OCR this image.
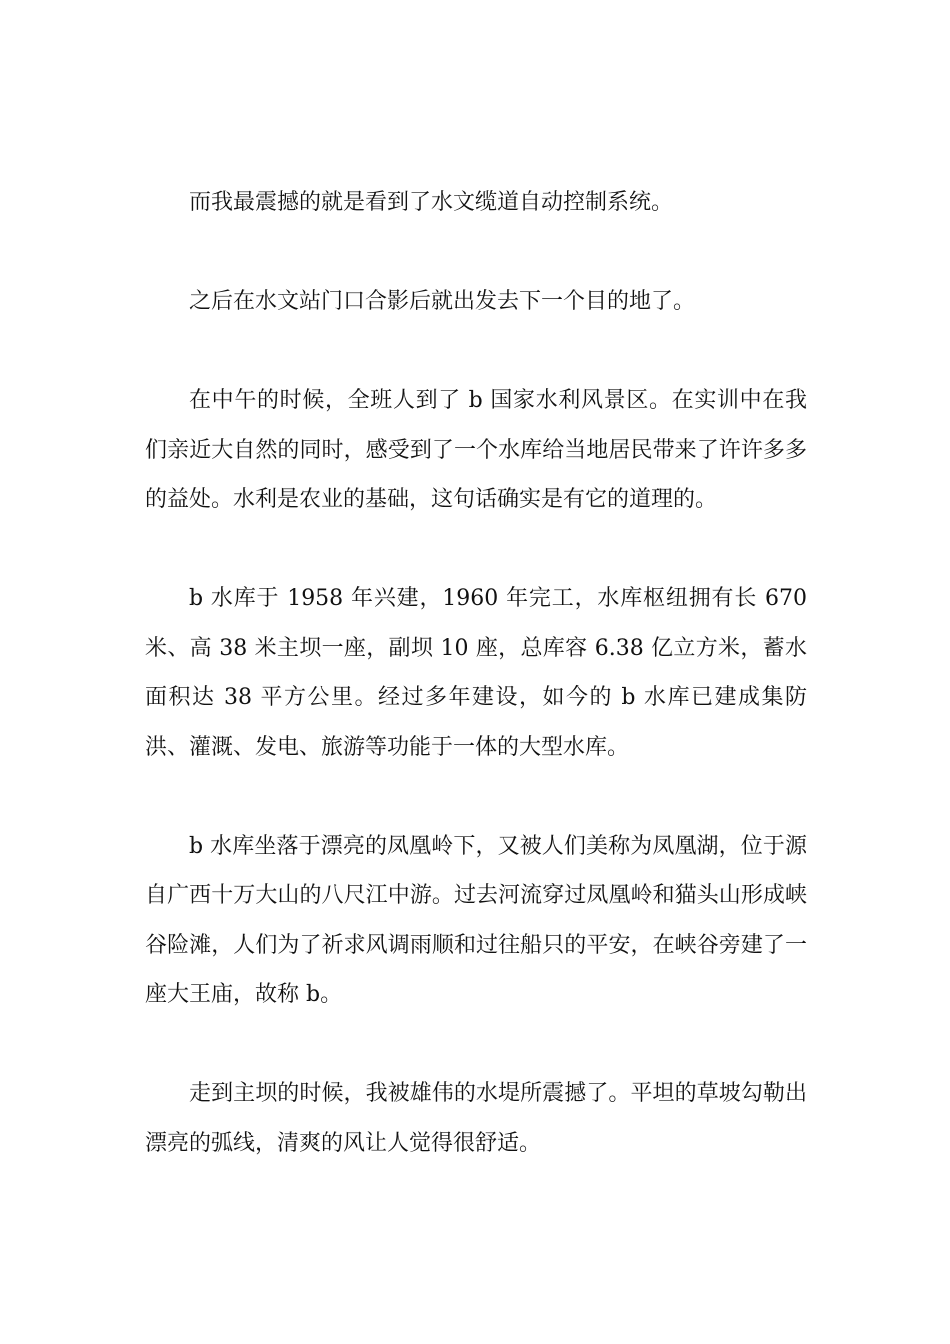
而我最震撼的就是看到了水文缆道自动控制系统。

之后在水文站门口合影后就出发去下一个目的地了。

在中午的时候，全班人到了 b 国家水利风景区。在实训中在我们亲近大自然的同时，感受到了一个水库给当地居民带来了许许多多的益处。水利是农业的基础，这句话确实是有它的道理的。

b 水库于 1958 年兴建，1960 年完工，水库枢纽拥有长 670 米、高 38 米主坝一座，副坝 10 座，总库容 6.38 亿立方米，蓄水面积达 38 平方公里。经过多年建设，如今的 b 水库已建成集防洪、灌溉、发电、旅游等功能于一体的大型水库。

b 水库坐落于漂亮的凤凰岭下，又被人们美称为凤凰湖，位于源自广西十万大山的八尺江中游。过去河流穿过凤凰岭和猫头山形成峡谷险滩，人们为了祈求风调雨顺和过往船只的平安，在峡谷旁建了一座大王庙，故称 b。

走到主坝的时候，我被雄伟的水堤所震撼了。平坦的草坡勾勒出漂亮的弧线，清爽的风让人觉得很舒适。
